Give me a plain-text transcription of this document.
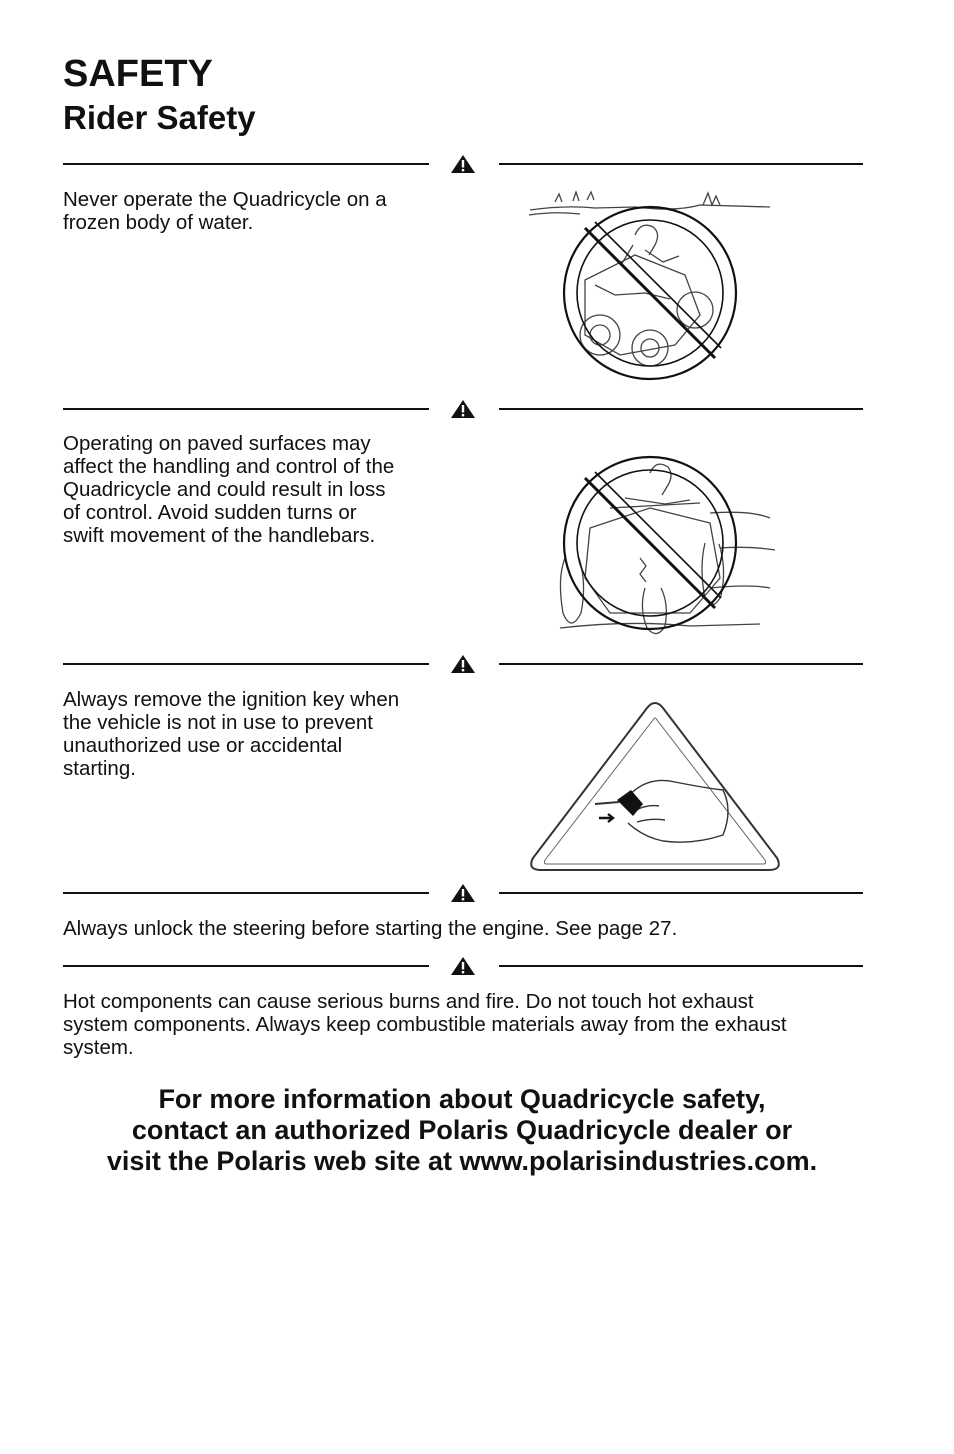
SAFETY
Rider Safety
Never operate the Quadricycle on a
frozen body of water.
Operating on paved surfaces may
affect the handling and control of the
Quadricycle and could result in loss
of control. Avoid sudden turns or
swift movement of the handlebars.
Always remove the ignition key when
the vehicle is not in use to prevent
unauthorized use or accidental
starting.
Always unlock the steering before starting the engine. See page 27.
Hot components can cause serious burns and fire. Do not touch hot exhaust
system components. Always keep combustible materials away from the exhaust
system.
For more information about Quadricycle safety,
contact an authorized Polaris Quadricycle dealer or
visit the Polaris web site at www.polarisindustries.com.
